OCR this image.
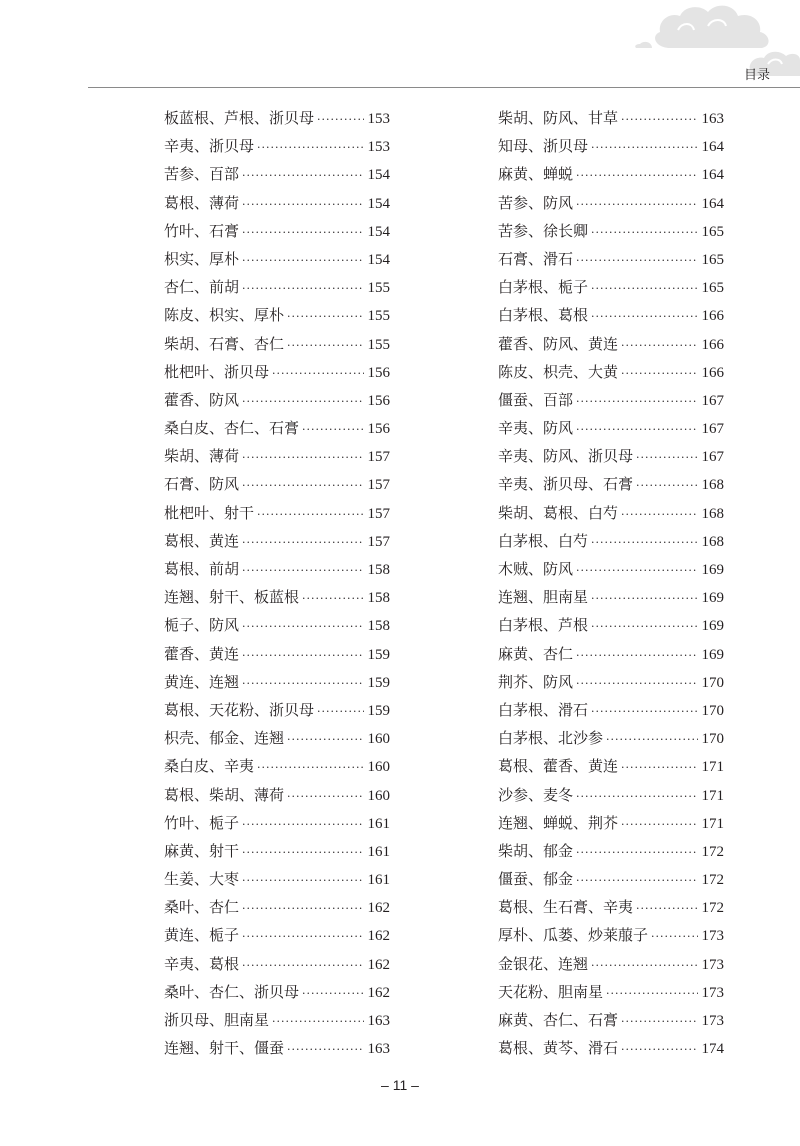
目录
板蓝根、芦根、浙贝母 ·····	153
辛夷、浙贝母 ·····	153
苦参、百部 ·····	154
葛根、薄荷 ·····	154
竹叶、石膏 ·····	154
枳实、厚朴 ·····	154
杏仁、前胡 ·····	155
陈皮、枳实、厚朴 ·····	155
柴胡、石膏、杏仁 ·····	155
枇杷叶、浙贝母 ·····	156
藿香、防风 ·····	156
桑白皮、杏仁、石膏 ·····	156
柴胡、薄荷 ·····	157
石膏、防风 ·····	157
枇杷叶、射干 ·····	157
葛根、黄连 ·····	157
葛根、前胡 ·····	158
连翘、射干、板蓝根 ·····	158
栀子、防风 ·····	158
藿香、黄连 ·····	159
黄连、连翘 ·····	159
葛根、天花粉、浙贝母 ·····	159
枳壳、郁金、连翘 ·····	160
桑白皮、辛夷 ·····	160
葛根、柴胡、薄荷 ·····	160
竹叶、栀子 ·····	161
麻黄、射干 ·····	161
生姜、大枣 ·····	161
桑叶、杏仁 ·····	162
黄连、栀子 ·····	162
辛夷、葛根 ·····	162
桑叶、杏仁、浙贝母 ·····	162
浙贝母、胆南星 ·····	163
连翘、射干、僵蚕 ·····	163
柴胡、防风、甘草 ·····	163
知母、浙贝母 ·····	164
麻黄、蝉蜕 ·····	164
苦参、防风 ·····	164
苦参、徐长卿 ·····	165
石膏、滑石 ·····	165
白茅根、栀子 ·····	165
白茅根、葛根 ·····	166
藿香、防风、黄连 ·····	166
陈皮、枳壳、大黄 ·····	166
僵蚕、百部 ·····	167
辛夷、防风 ·····	167
辛夷、防风、浙贝母 ·····	167
辛夷、浙贝母、石膏 ·····	168
柴胡、葛根、白芍 ·····	168
白茅根、白芍 ·····	168
木贼、防风 ·····	169
连翘、胆南星 ·····	169
白茅根、芦根 ·····	169
麻黄、杏仁 ·····	169
荆芥、防风 ·····	170
白茅根、滑石 ·····	170
白茅根、北沙参 ·····	170
葛根、藿香、黄连 ·····	171
沙参、麦冬 ·····	171
连翘、蝉蜕、荆芥 ·····	171
柴胡、郁金 ·····	172
僵蚕、郁金 ·····	172
葛根、生石膏、辛夷 ·····	172
厚朴、瓜蒌、炒莱菔子 ·····	173
金银花、连翘 ·····	173
天花粉、胆南星 ·····	173
麻黄、杏仁、石膏 ·····	173
葛根、黄芩、滑石 ·····	174
– 11 –
